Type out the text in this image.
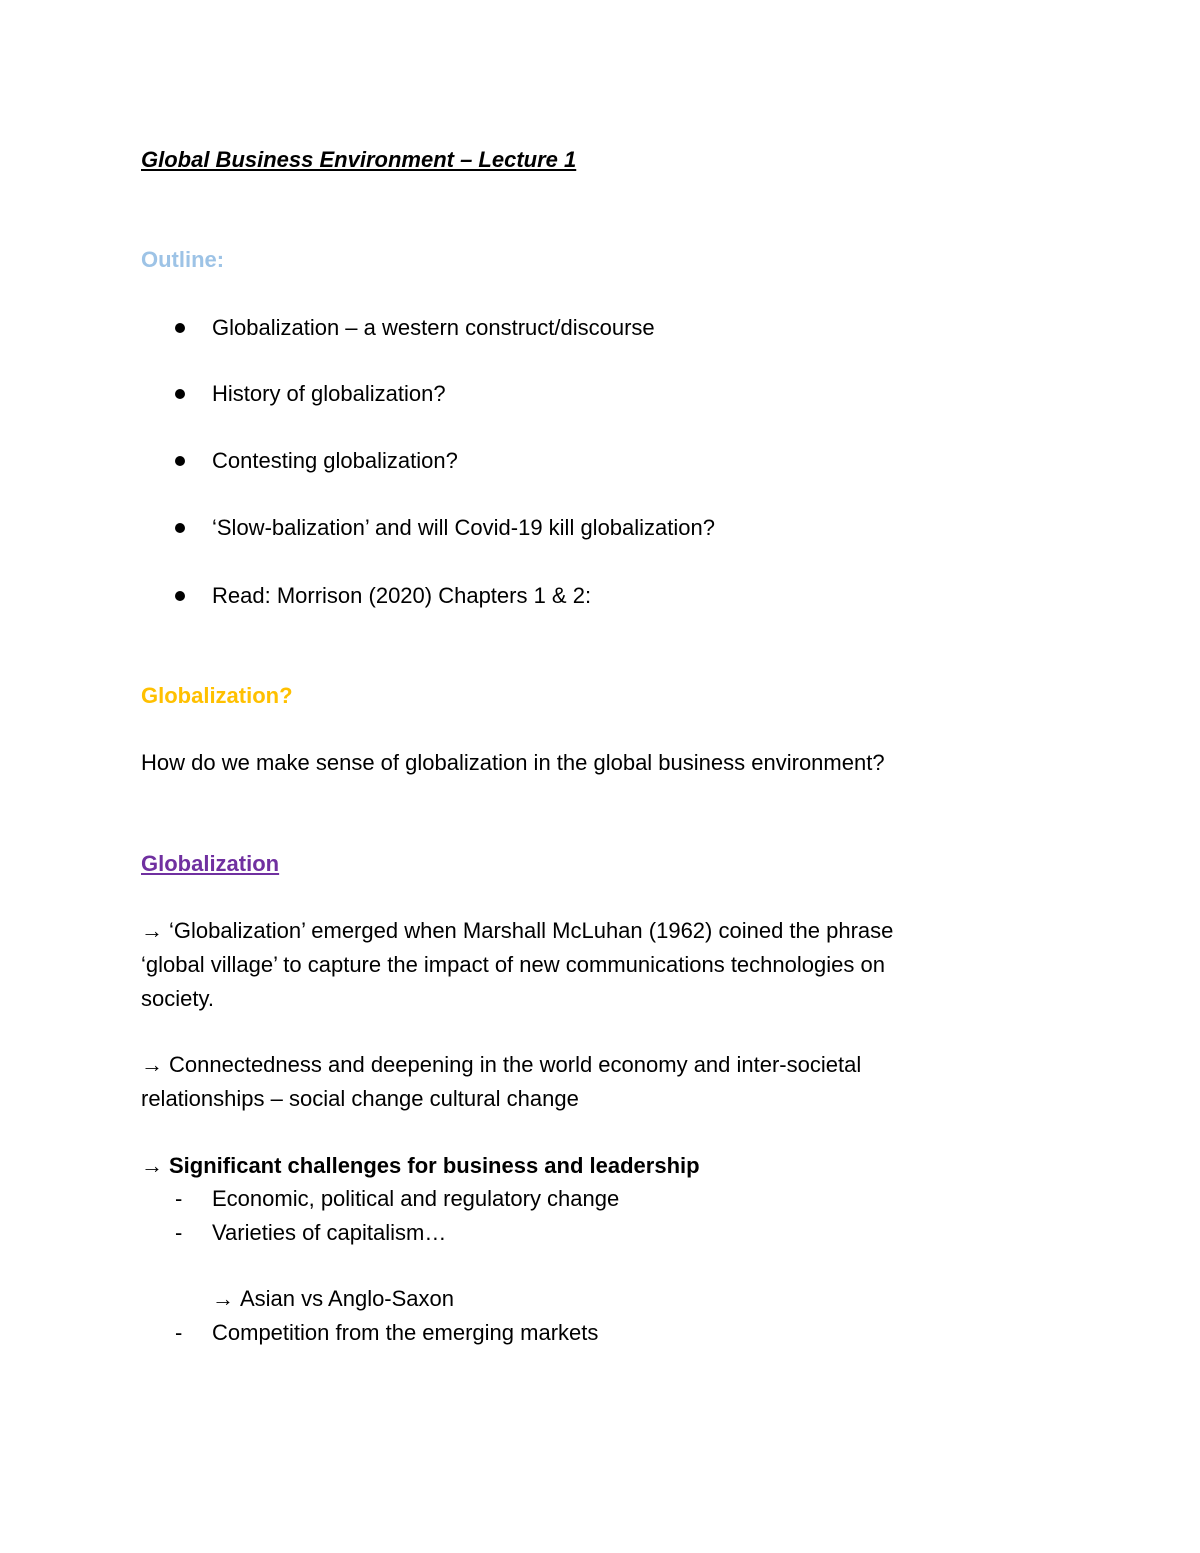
Global Business Environment – Lecture 1
Outline:
Globalization – a western construct/discourse
History of globalization?
Contesting globalization?
‘Slow-balization’ and will Covid-19 kill globalization?
Read: Morrison (2020) Chapters 1 & 2:
Globalization?
How do we make sense of globalization in the global business environment?
Globalization
→ ‘Globalization’ emerged when Marshall McLuhan (1962) coined the phrase
‘global village’ to capture the impact of new communications technologies on
society.
→ Connectedness and deepening in the world economy and inter-societal
relationships – social change cultural change
→ Significant challenges for business and leadership
- Economic, political and regulatory change
- Varieties of capitalism…
→ Asian vs Anglo-Saxon
- Competition from the emerging markets
